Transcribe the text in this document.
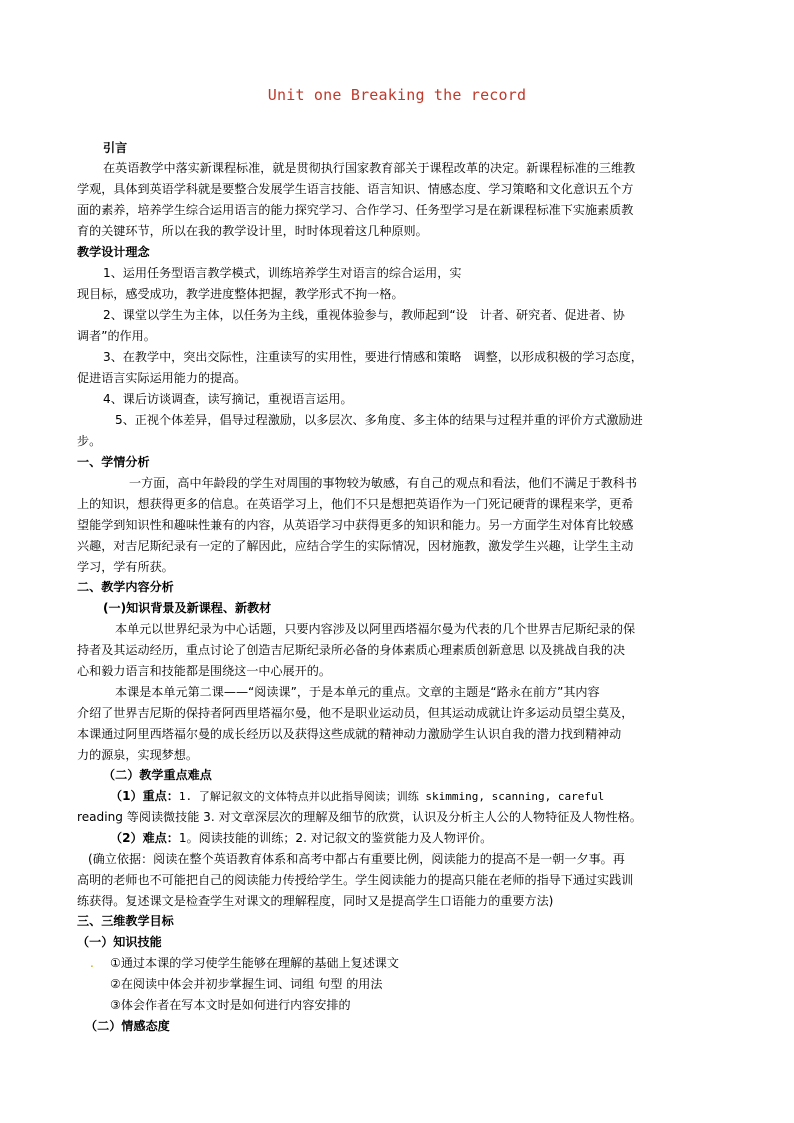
Unit one Breaking the record
引言
在英语教学中落实新课程标准，就是贯彻执行国家教育部关于课程改革的决定。新课程标准的三维教
学观，具体到英语学科就是要整合发展学生语言技能、语言知识、情感态度、学习策略和文化意识五个方
面的素养，培养学生综合运用语言的能力探究学习、合作学习、任务型学习是在新课程标准下实施素质教
育的关键环节，所以在我的教学设计里，时时体现着这几种原则。
教学设计理念
1、运用任务型语言教学模式，训练培养学生对语言的综合运用，实
现目标，感受成功，教学进度整体把握，教学形式不拘一格。
2、课堂以学生为主体，以任务为主线，重视体验参与，教师起到“设　计者、研究者、促进者、协
调者”的作用。
3、在教学中，突出交际性，注重读写的实用性，要进行情感和策略　调整，以形成积极的学习态度，
促进语言实际运用能力的提高。
4、课后访谈调查，读写摘记，重视语言运用。
5、正视个体差异，倡导过程激励，以多层次、多角度、多主体的结果与过程并重的评价方式激励进
步。
一、学情分析
一方面，高中年龄段的学生对周围的事物较为敏感，有自己的观点和看法，他们不满足于教科书
上的知识，想获得更多的信息。在英语学习上，他们不只是想把英语作为一门死记硬背的课程来学，更希
望能学到知识性和趣味性兼有的内容，从英语学习中获得更多的知识和能力。另一方面学生对体育比较感
兴趣，对吉尼斯纪录有一定的了解因此，应结合学生的实际情况，因材施教，激发学生兴趣，让学生主动
学习，学有所获。
二、教学内容分析
(一)知识背景及新课程、新教材
本单元以世界纪录为中心话题，只要内容涉及以阿里西塔福尔曼为代表的几个世界吉尼斯纪录的保
持者及其运动经历，重点讨论了创造吉尼斯纪录所必备的身体素质心理素质创新意思 以及挑战自我的决
心和毅力语言和技能都是围绕这一中心展开的。
本课是本单元第二课——“阅读课”，于是本单元的重点。文章的主题是“路永在前方”其内容
介绍了世界吉尼斯的保持者阿西里塔福尔曼，他不是职业运动员，但其运动成就让许多运动员望尘莫及，
本课通过阿里西塔福尔曼的成长经历以及获得这些成就的精神动力激励学生认识自我的潜力找到精神动
力的源泉，实现梦想。
（二）教学重点难点
（1）重点：1. 了解记叙文的文体特点并以此指导阅读；训练 skimming, scanning, careful
reading 等阅读微技能 3. 对文章深层次的理解及细节的欣赏，认识及分析主人公的人物特征及人物性格。
（2）难点：1。阅读技能的训练；2. 对记叙文的鉴赏能力及人物评价。
(确立依据：阅读在整个英语教育体系和高考中都占有重要比例，阅读能力的提高不是一朝一夕事。再
高明的老师也不可能把自己的阅读能力传授给学生。学生阅读能力的提高只能在老师的指导下通过实践训
练获得。复述课文是检查学生对课文的理解程度，同时又是提高学生口语能力的重要方法)
三、三维教学目标
（一）知识技能
.	①通过本课的学习使学生能够在理解的基础上复述课文
②在阅读中体会并初步掌握生词、词组 句型 的用法
③体会作者在写本文时是如何进行内容安排的
（二）情感态度
